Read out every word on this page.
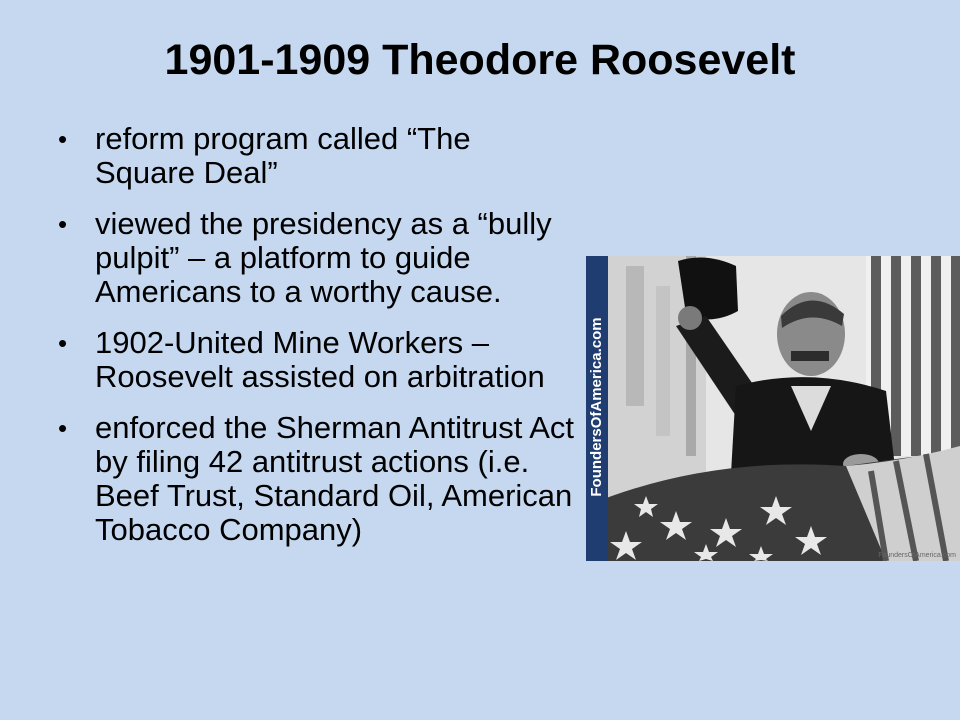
1901-1909 Theodore Roosevelt
• reform program called “The Square Deal”
• viewed the presidency as a “bully pulpit” – a platform to guide Americans to a worthy cause.
• 1902-United Mine Workers – Roosevelt assisted on arbitration
• enforced the Sherman Antitrust Act by filing 42 antitrust actions (i.e. Beef Trust, Standard Oil, American Tobacco Company)
FoundersOfAmerica.com
FoundersOfAmerica.com
